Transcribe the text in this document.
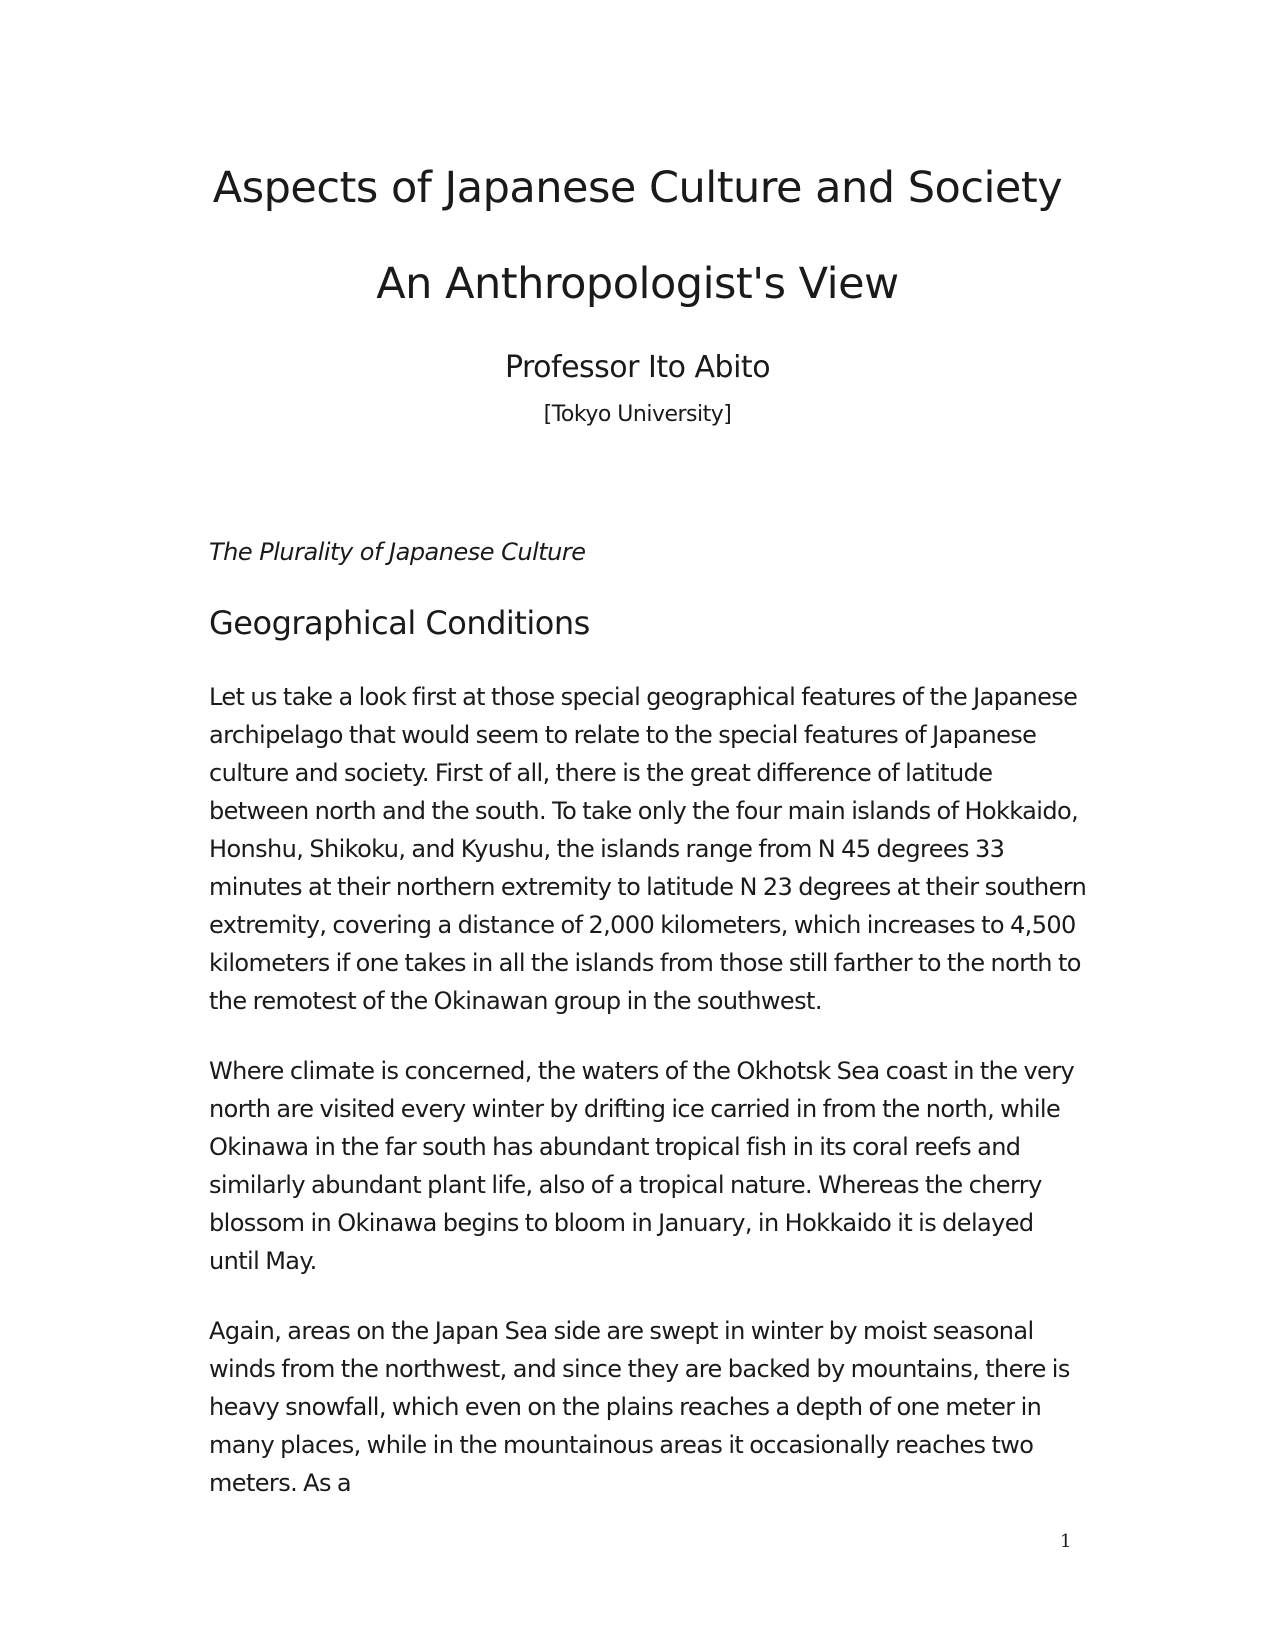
Aspects of Japanese Culture and Society
An Anthropologist's View
Professor Ito Abito
[Tokyo University]
The Plurality of Japanese Culture
Geographical Conditions

Let us take a look first at those special geographical features of the Japanese archipelago that would seem to relate to the special features of Japanese culture and society. First of all, there is the great difference of latitude between north and the south. To take only the four main islands of Hokkaido, Honshu, Shikoku, and Kyushu, the islands range from N 45 degrees 33 minutes at their northern extremity to latitude N 23 degrees at their southern extremity, covering a distance of 2,000 kilometers, which increases to 4,500 kilometers if one takes in all the islands from those still farther to the north to the remotest of the Okinawan group in the southwest.

Where climate is concerned, the waters of the Okhotsk Sea coast in the very north are visited every winter by drifting ice carried in from the north, while Okinawa in the far south has abundant tropical fish in its coral reefs and similarly abundant plant life, also of a tropical nature. Whereas the cherry blossom in Okinawa begins to bloom in January, in Hokkaido it is delayed until May.

Again, areas on the Japan Sea side are swept in winter by moist seasonal winds from the northwest, and since they are backed by mountains, there is heavy snowfall, which even on the plains reaches a depth of one meter in many places, while in the mountainous areas it occasionally reaches two meters. As a

1
